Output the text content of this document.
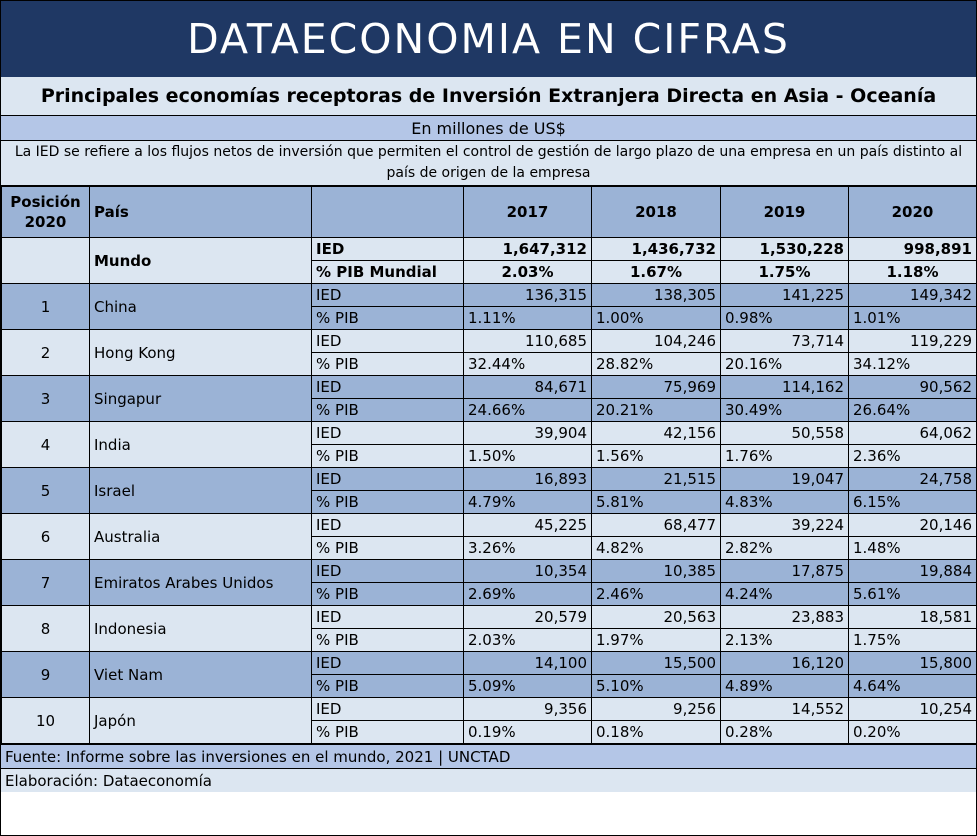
DATAECONOMIA EN CIFRAS
Principales economías receptoras de Inversión Extranjera Directa en Asia - Oceanía
En millones de US$
La IED se refiere a los flujos netos de inversión que permiten el control de gestión de largo plazo de una empresa en un país distinto al país de origen de la empresa
Posición 2020	País		2017	2018	2019	2020
	Mundo	IED	1,647,312	1,436,732	1,530,228	998,891
		% PIB Mundial	2.03%	1.67%	1.75%	1.18%
1	China	IED	136,315	138,305	141,225	149,342
		% PIB	1.11%	1.00%	0.98%	1.01%
2	Hong Kong	IED	110,685	104,246	73,714	119,229
		% PIB	32.44%	28.82%	20.16%	34.12%
3	Singapur	IED	84,671	75,969	114,162	90,562
		% PIB	24.66%	20.21%	30.49%	26.64%
4	India	IED	39,904	42,156	50,558	64,062
		% PIB	1.50%	1.56%	1.76%	2.36%
5	Israel	IED	16,893	21,515	19,047	24,758
		% PIB	4.79%	5.81%	4.83%	6.15%
6	Australia	IED	45,225	68,477	39,224	20,146
		% PIB	3.26%	4.82%	2.82%	1.48%
7	Emiratos Arabes Unidos	IED	10,354	10,385	17,875	19,884
		% PIB	2.69%	2.46%	4.24%	5.61%
8	Indonesia	IED	20,579	20,563	23,883	18,581
		% PIB	2.03%	1.97%	2.13%	1.75%
9	Viet Nam	IED	14,100	15,500	16,120	15,800
		% PIB	5.09%	5.10%	4.89%	4.64%
10	Japón	IED	9,356	9,256	14,552	10,254
		% PIB	0.19%	0.18%	0.28%	0.20%
Fuente: Informe sobre las inversiones en el mundo, 2021 | UNCTAD
Elaboración: Dataeconomía
